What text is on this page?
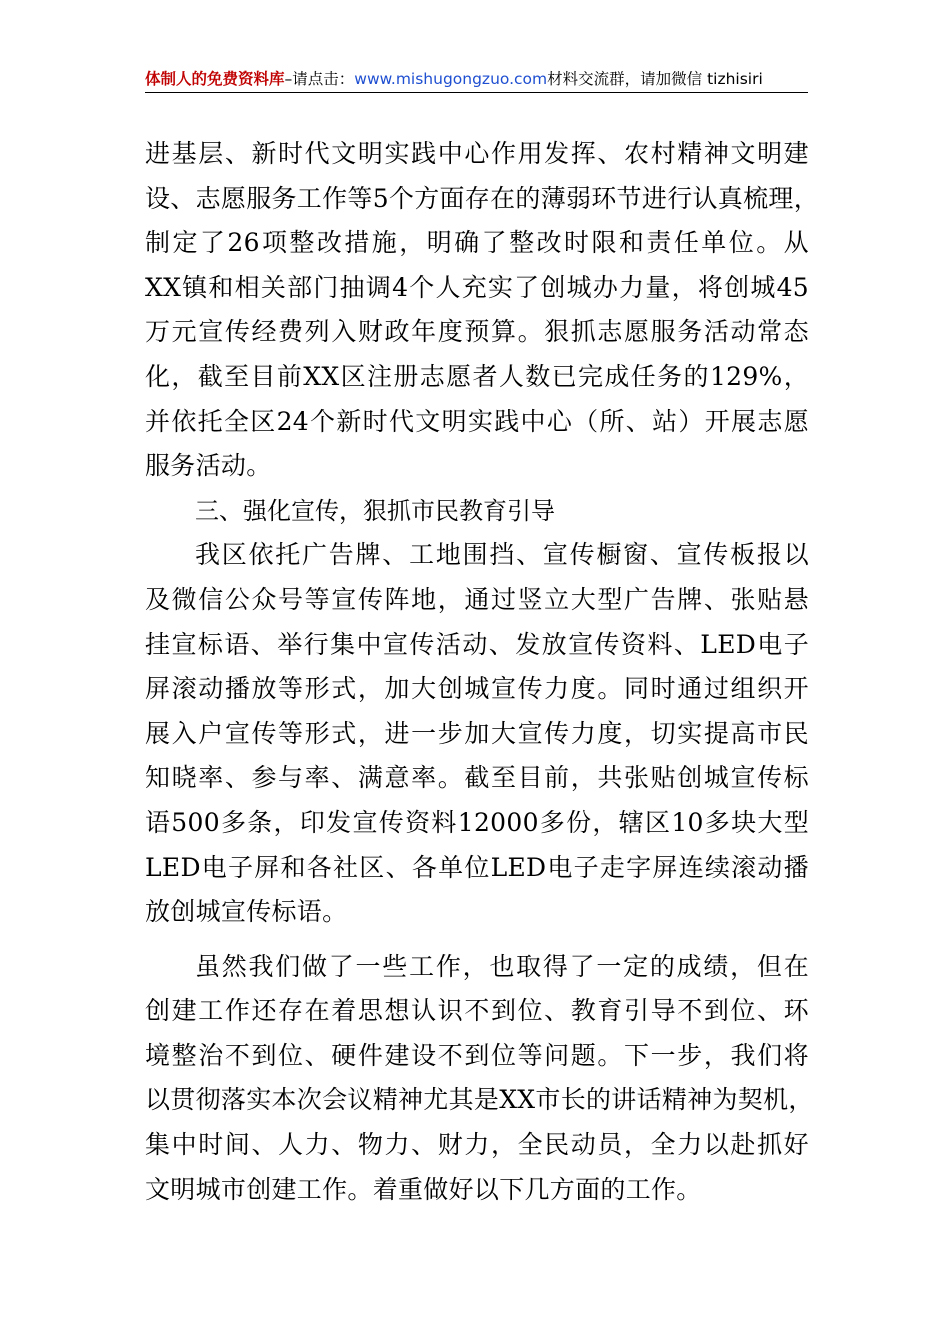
体制人的免费资料库–请点击：www.mishugongzuo.com材料交流群，请加微信 tizhisiri

进基层、新时代文明实践中心作用发挥、农村精神文明建
设、志愿服务工作等5个方面存在的薄弱环节进行认真梳理，
制定了26项整改措施，明确了整改时限和责任单位。从
XX镇和相关部门抽调4个人充实了创城办力量，将创城45
万元宣传经费列入财政年度预算。狠抓志愿服务活动常态
化，截至目前XX区注册志愿者人数已完成任务的129%，
并依托全区24个新时代文明实践中心（所、站）开展志愿
服务活动。

三、强化宣传，狠抓市民教育引导

我区依托广告牌、工地围挡、宣传橱窗、宣传板报以
及微信公众号等宣传阵地，通过竖立大型广告牌、张贴悬
挂宣标语、举行集中宣传活动、发放宣传资料、LED电子
屏滚动播放等形式，加大创城宣传力度。同时通过组织开
展入户宣传等形式，进一步加大宣传力度，切实提高市民
知晓率、参与率、满意率。截至目前，共张贴创城宣传标
语500多条，印发宣传资料12000多份，辖区10多块大型
LED电子屏和各社区、各单位LED电子走字屏连续滚动播
放创城宣传标语。

虽然我们做了一些工作，也取得了一定的成绩，但在
创建工作还存在着思想认识不到位、教育引导不到位、环
境整治不到位、硬件建设不到位等问题。下一步，我们将
以贯彻落实本次会议精神尤其是XX市长的讲话精神为契机，
集中时间、人力、物力、财力，全民动员，全力以赴抓好
文明城市创建工作。着重做好以下几方面的工作。
